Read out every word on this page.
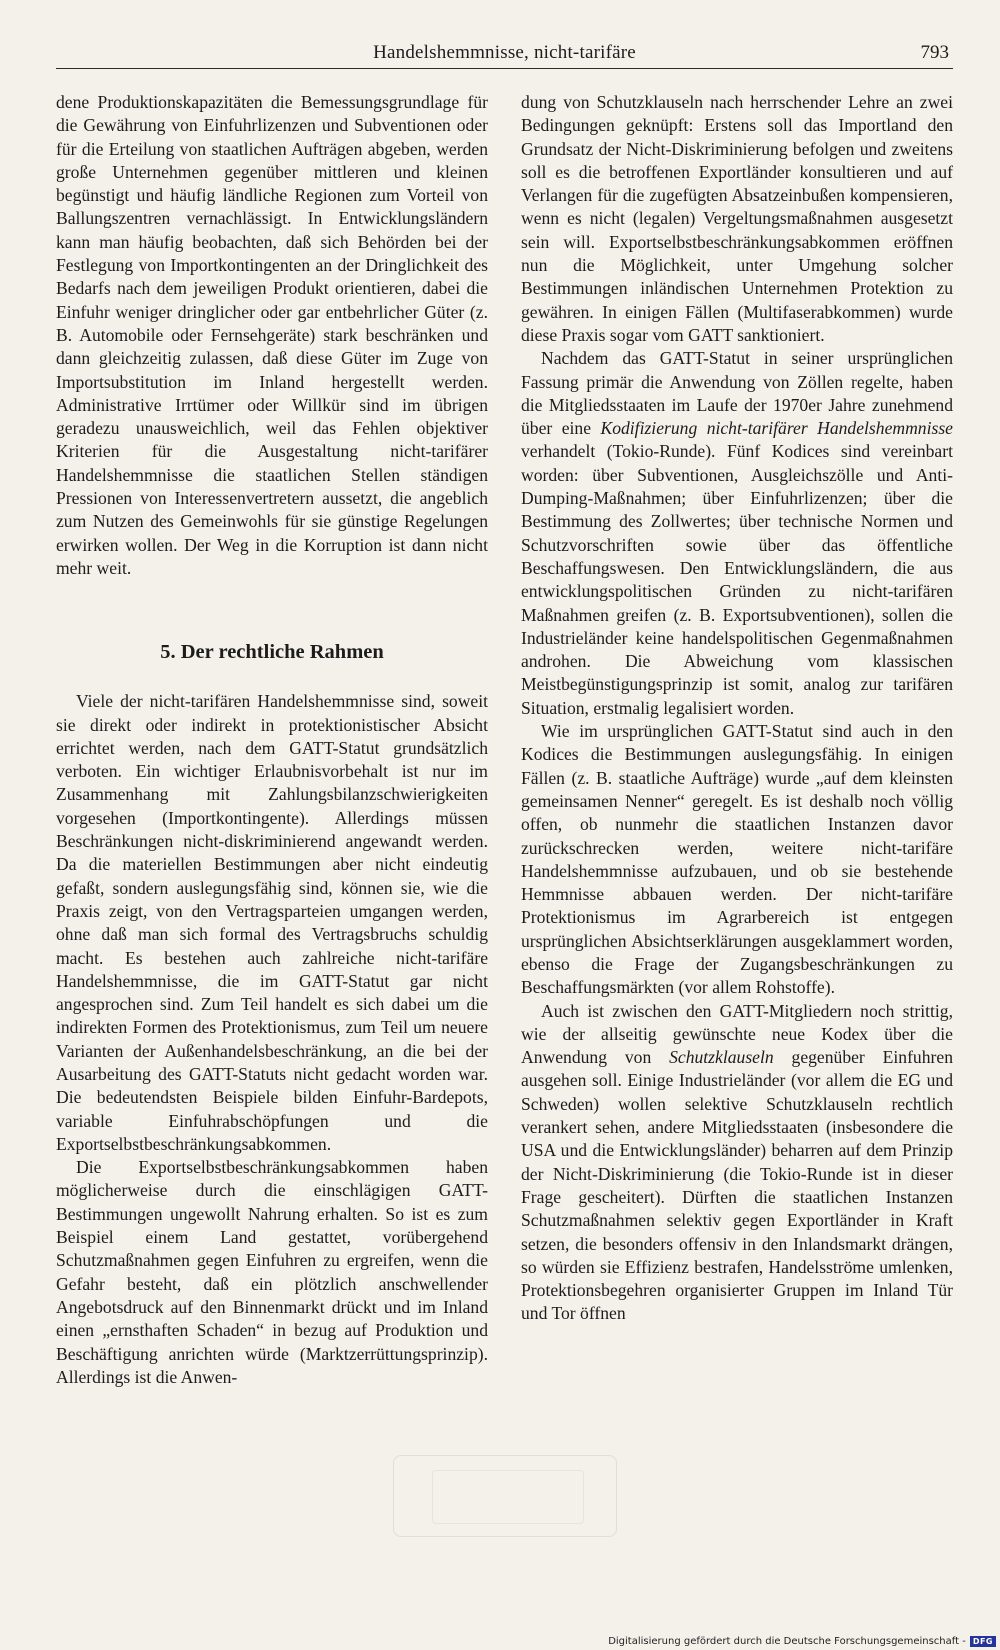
Handelshemmnisse, nicht-tarifäre	793

dene Produktionskapazitäten die Bemessungsgrundlage für die Gewährung von Einfuhrlizenzen und Subventionen oder für die Erteilung von staatlichen Aufträgen abgeben, werden große Unternehmen gegenüber mittleren und kleinen begünstigt und häufig ländliche Regionen zum Vorteil von Ballungszentren vernachlässigt. In Entwicklungsländern kann man häufig beobachten, daß sich Behörden bei der Festlegung von Importkontingenten an der Dringlichkeit des Bedarfs nach dem jeweiligen Produkt orientieren, dabei die Einfuhr weniger dringlicher oder gar entbehrlicher Güter (z. B. Automobile oder Fernsehgeräte) stark beschränken und dann gleichzeitig zulassen, daß diese Güter im Zuge von Importsubstitution im Inland hergestellt werden. Administrative Irrtümer oder Willkür sind im übrigen geradezu unausweichlich, weil das Fehlen objektiver Kriterien für die Ausgestaltung nicht-tarifärer Handelshemmnisse die staatlichen Stellen ständigen Pressionen von Interessenvertretern aussetzt, die angeblich zum Nutzen des Gemeinwohls für sie günstige Regelungen erwirken wollen. Der Weg in die Korruption ist dann nicht mehr weit.

5. Der rechtliche Rahmen

Viele der nicht-tarifären Handelshemmnisse sind, soweit sie direkt oder indirekt in protektionistischer Absicht errichtet werden, nach dem GATT-Statut grundsätzlich verboten. Ein wichtiger Erlaubnisvorbehalt ist nur im Zusammenhang mit Zahlungsbilanzschwierigkeiten vorgesehen (Importkontingente). Allerdings müssen Beschränkungen nicht-diskriminierend angewandt werden. Da die materiellen Bestimmungen aber nicht eindeutig gefaßt, sondern auslegungsfähig sind, können sie, wie die Praxis zeigt, von den Vertragsparteien umgangen werden, ohne daß man sich formal des Vertragsbruchs schuldig macht. Es bestehen auch zahlreiche nicht-tarifäre Handelshemmnisse, die im GATT-Statut gar nicht angesprochen sind. Zum Teil handelt es sich dabei um die indirekten Formen des Protektionismus, zum Teil um neuere Varianten der Außenhandelsbeschränkung, an die bei der Ausarbeitung des GATT-Statuts nicht gedacht worden war. Die bedeutendsten Beispiele bilden Einfuhr-Bardepots, variable Einfuhrabschöpfungen und die Exportselbstbeschränkungsabkommen.

Die Exportselbstbeschränkungsabkommen haben möglicherweise durch die einschlägigen GATT-Bestimmungen ungewollt Nahrung erhalten. So ist es zum Beispiel einem Land gestattet, vorübergehend Schutzmaßnahmen gegen Einfuhren zu ergreifen, wenn die Gefahr besteht, daß ein plötzlich anschwellender Angebotsdruck auf den Binnenmarkt drückt und im Inland einen „ernsthaften Schaden“ in bezug auf Produktion und Beschäftigung anrichten würde (Marktzerrüttungsprinzip). Allerdings ist die Anwen-

dung von Schutzklauseln nach herrschender Lehre an zwei Bedingungen geknüpft: Erstens soll das Importland den Grundsatz der Nicht-Diskriminierung befolgen und zweitens soll es die betroffenen Exportländer konsultieren und auf Verlangen für die zugefügten Absatzeinbußen kompensieren, wenn es nicht (legalen) Vergeltungsmaßnahmen ausgesetzt sein will. Exportselbstbeschränkungsabkommen eröffnen nun die Möglichkeit, unter Umgehung solcher Bestimmungen inländischen Unternehmen Protektion zu gewähren. In einigen Fällen (Multifaserabkommen) wurde diese Praxis sogar vom GATT sanktioniert.

Nachdem das GATT-Statut in seiner ursprünglichen Fassung primär die Anwendung von Zöllen regelte, haben die Mitgliedsstaaten im Laufe der 1970er Jahre zunehmend über eine Kodifizierung nicht-tarifärer Handelshemmnisse verhandelt (Tokio-Runde). Fünf Kodices sind vereinbart worden: über Subventionen, Ausgleichszölle und Anti-Dumping-Maßnahmen; über Einfuhrlizenzen; über die Bestimmung des Zollwertes; über technische Normen und Schutzvorschriften sowie über das öffentliche Beschaffungswesen. Den Entwicklungsländern, die aus entwicklungspolitischen Gründen zu nicht-tarifären Maßnahmen greifen (z. B. Exportsubventionen), sollen die Industrieländer keine handelspolitischen Gegenmaßnahmen androhen. Die Abweichung vom klassischen Meistbegünstigungsprinzip ist somit, analog zur tarifären Situation, erstmalig legalisiert worden.

Wie im ursprünglichen GATT-Statut sind auch in den Kodices die Bestimmungen auslegungsfähig. In einigen Fällen (z. B. staatliche Aufträge) wurde „auf dem kleinsten gemeinsamen Nenner“ geregelt. Es ist deshalb noch völlig offen, ob nunmehr die staatlichen Instanzen davor zurückschrecken werden, weitere nicht-tarifäre Handelshemmnisse aufzubauen, und ob sie bestehende Hemmnisse abbauen werden. Der nicht-tarifäre Protektionismus im Agrarbereich ist entgegen ursprünglichen Absichtserklärungen ausgeklammert worden, ebenso die Frage der Zugangsbeschränkungen zu Beschaffungsmärkten (vor allem Rohstoffe).

Auch ist zwischen den GATT-Mitgliedern noch strittig, wie der allseitig gewünschte neue Kodex über die Anwendung von Schutzklauseln gegenüber Einfuhren ausgehen soll. Einige Industrieländer (vor allem die EG und Schweden) wollen selektive Schutzklauseln rechtlich verankert sehen, andere Mitgliedsstaaten (insbesondere die USA und die Entwicklungsländer) beharren auf dem Prinzip der Nicht-Diskriminierung (die Tokio-Runde ist in dieser Frage gescheitert). Dürften die staatlichen Instanzen Schutzmaßnahmen selektiv gegen Exportländer in Kraft setzen, die besonders offensiv in den Inlandsmarkt drängen, so würden sie Effizienz bestrafen, Handelsströme umlenken, Protektionsbegehren organisierter Gruppen im Inland Tür und Tor öffnen

Digitalisierung gefördert durch die Deutsche Forschungsgemeinschaft - DFG
